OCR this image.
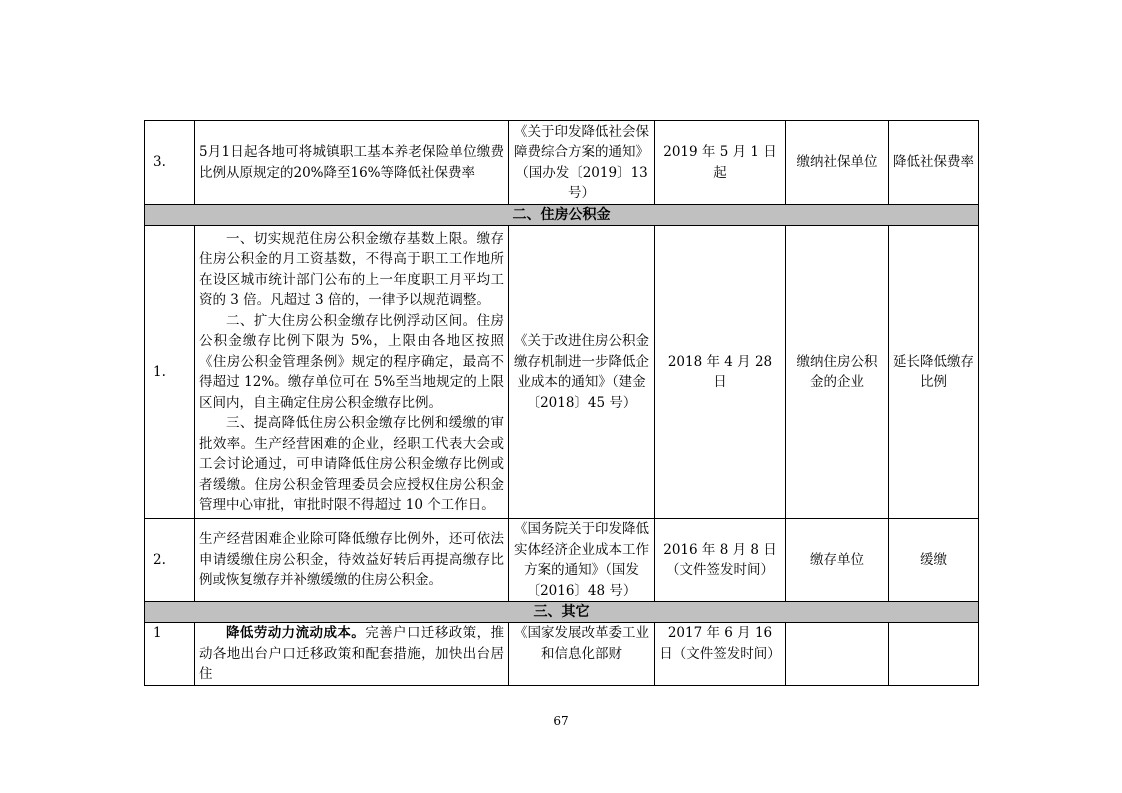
3.	5月1日起各地可将城镇职工基本养老保险单位缴费比例从原规定的20%降至16%等降低社保费率	《关于印发降低社会保障费综合方案的通知》（国办发〔2019〕13 号）	2019 年 5 月 1 日起	缴纳社保单位	降低社保费率
二、住房公积金					
1.	一、切实规范住房公积金缴存基数上限。缴存住房公积金的月工资基数，不得高于职工工作地所在设区城市统计部门公布的上一年度职工月平均工资的 3 倍。凡超过 3 倍的，一律予以规范调整。
二、扩大住房公积金缴存比例浮动区间。住房公积金缴存比例下限为 5%，上限由各地区按照《住房公积金管理条例》规定的程序确定，最高不得超过 12%。缴存单位可在 5%至当地规定的上限区间内，自主确定住房公积金缴存比例。
三、提高降低住房公积金缴存比例和缓缴的审批效率。生产经营困难的企业，经职工代表大会或工会讨论通过，可申请降低住房公积金缴存比例或者缓缴。住房公积金管理委员会应授权住房公积金管理中心审批，审批时限不得超过 10 个工作日。	《关于改进住房公积金缴存机制进一步降低企业成本的通知》（建金〔2018〕45 号）	2018 年 4 月 28 日	缴纳住房公积金的企业	延长降低缴存比例
2.	生产经营困难企业除可降低缴存比例外，还可依法申请缓缴住房公积金，待效益好转后再提高缴存比例或恢复缴存并补缴缓缴的住房公积金。	《国务院关于印发降低实体经济企业成本工作方案的通知》（国发〔2016〕48 号）	2016 年 8 月 8 日（文件签发时间）	缴存单位	缓缴
三、其它					
1	降低劳动力流动成本。完善户口迁移政策，推动各地出台户口迁移政策和配套措施，加快出台居住	《国家发展改革委工业和信息化部财	2017 年 6 月 16 日（文件签发时间）		
67
